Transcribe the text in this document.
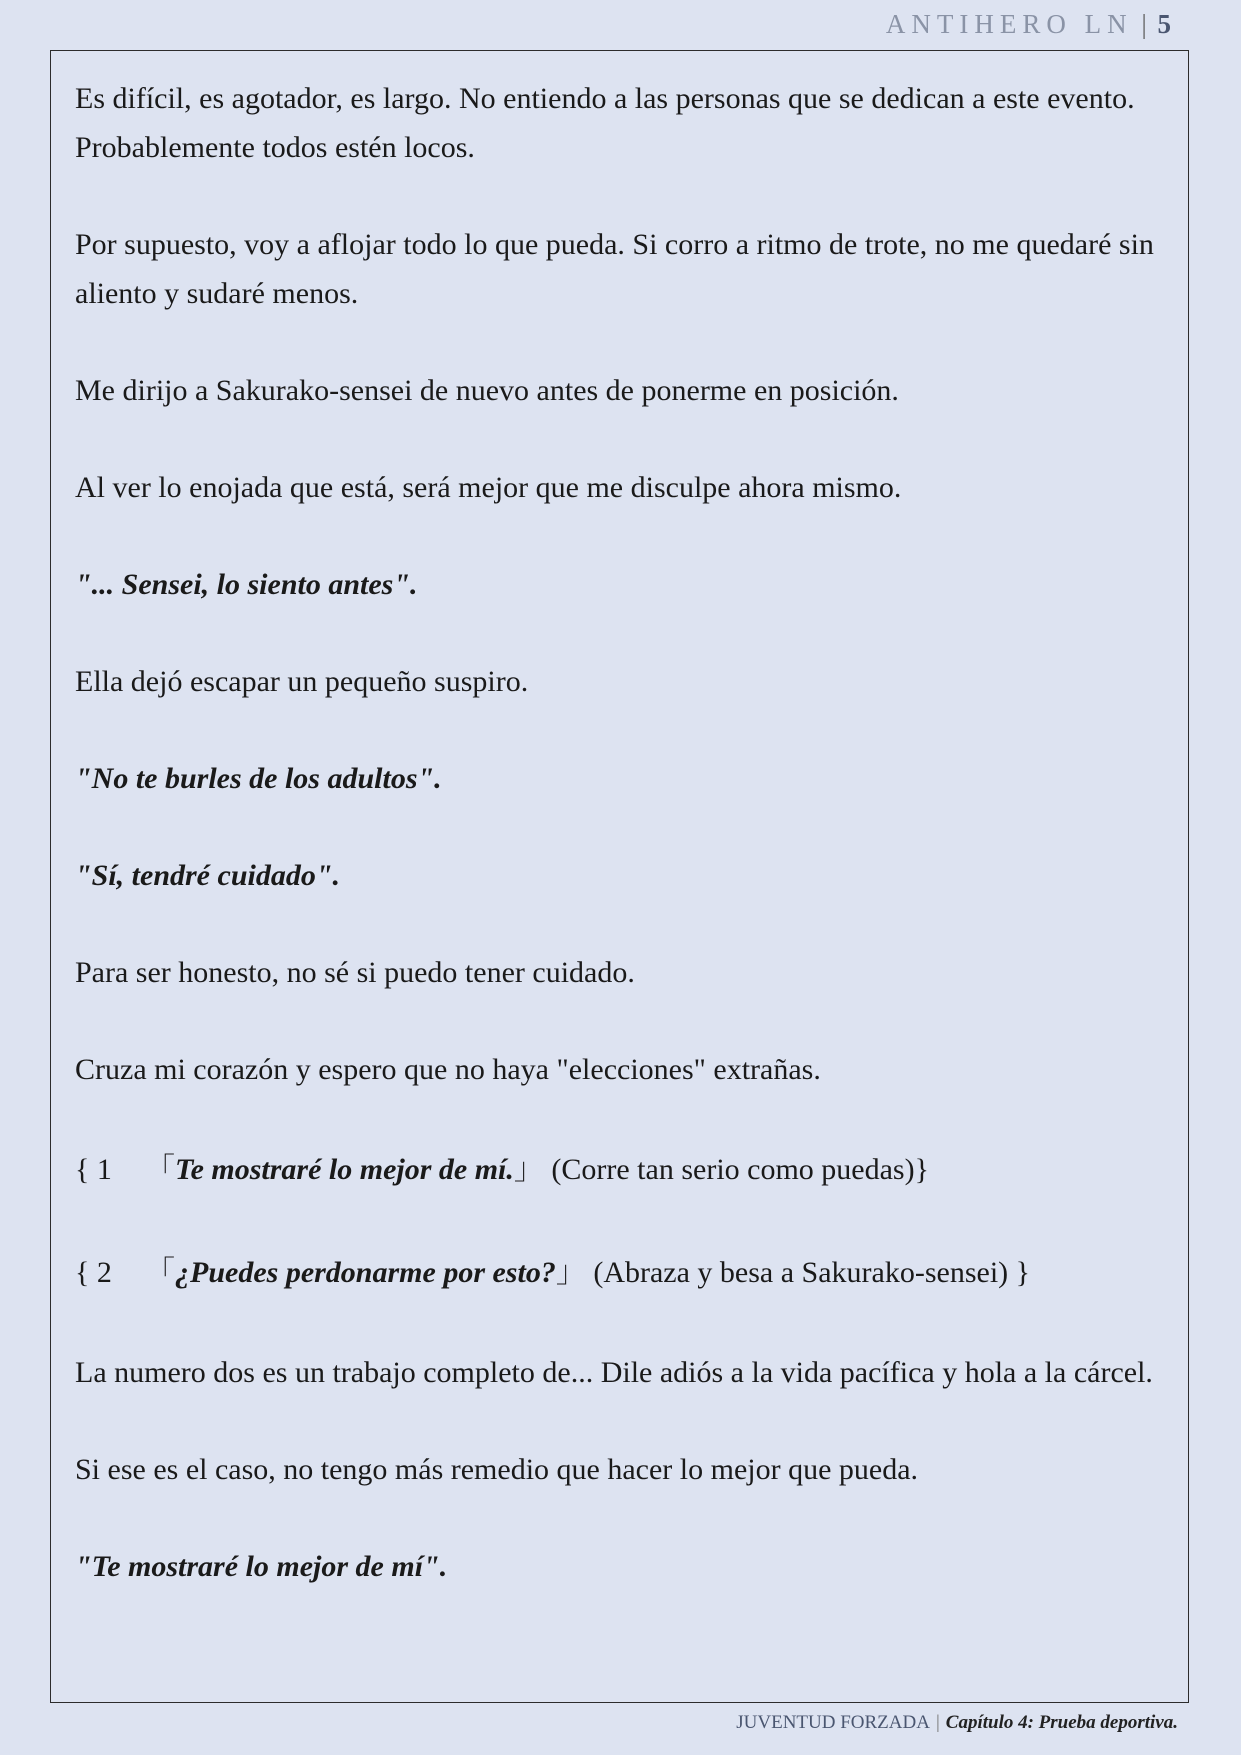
ANTIHERO LN | 5

Es difícil, es agotador, es largo. No entiendo a las personas que se dedican a este evento. Probablemente todos estén locos.

Por supuesto, voy a aflojar todo lo que pueda. Si corro a ritmo de trote, no me quedaré sin aliento y sudaré menos.

Me dirijo a Sakurako-sensei de nuevo antes de ponerme en posición.

Al ver lo enojada que está, será mejor que me disculpe ahora mismo.

"... Sensei, lo siento antes".

Ella dejó escapar un pequeño suspiro.

"No te burles de los adultos".

"Sí, tendré cuidado".

Para ser honesto, no sé si puedo tener cuidado.

Cruza mi corazón y espero que no haya "elecciones" extrañas.

{ 1 「Te mostraré lo mejor de mí.」 (Corre tan serio como puedas)}

{ 2 「¿Puedes perdonarme por esto?」 (Abraza y besa a Sakurako-sensei) }

La numero dos es un trabajo completo de... Dile adiós a la vida pacífica y hola a la cárcel.

Si ese es el caso, no tengo más remedio que hacer lo mejor que pueda.

"Te mostraré lo mejor de mí".

JUVENTUD FORZADA | Capítulo 4: Prueba deportiva.
